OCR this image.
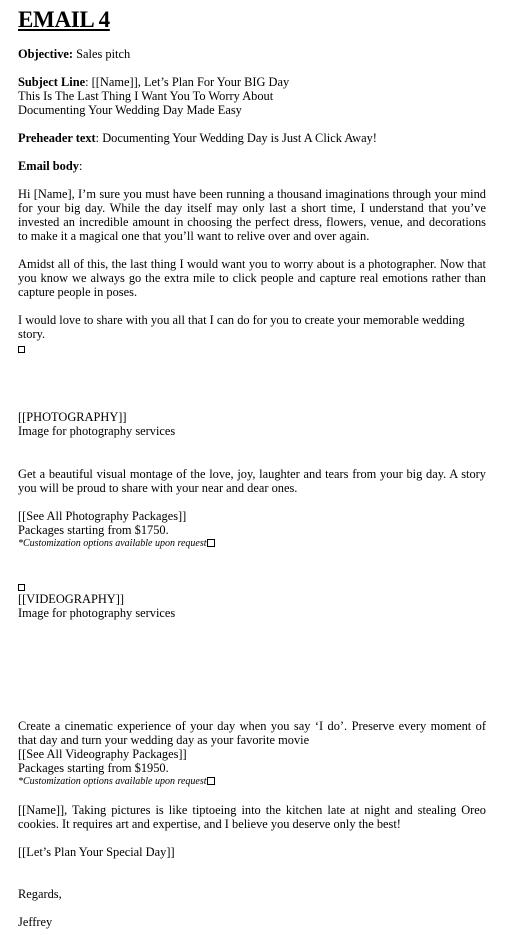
EMAIL 4
Objective: Sales pitch
Subject Line: [[Name]], Let’s Plan For Your BIG Day
This Is The Last Thing I Want You To Worry About
Documenting Your Wedding Day Made Easy
Preheader text: Documenting Your Wedding Day is Just A Click Away!
Email body:
Hi [Name], I’m sure you must have been running a thousand imaginations through your mind for your big day. While the day itself may only last a short time, I understand that you’ve invested an incredible amount in choosing the perfect dress, flowers, venue, and decorations to make it a magical one that you’ll want to relive over and over again.
Amidst all of this, the last thing I would want you to worry about is a photographer. Now that you know we always go the extra mile to click people and capture real emotions rather than capture people in poses.
I would love to share with you all that I can do for you to create your memorable wedding story.
[[PHOTOGRAPHY]]
Image for photography services
Get a beautiful visual montage of the love, joy, laughter and tears from your big day. A story you will be proud to share with your near and dear ones.
[[See All Photography Packages]]
Packages starting from $1750.
*Customization options available upon request
[[VIDEOGRAPHY]]
Image for photography services
Create a cinematic experience of your day when you say ‘I do’. Preserve every moment of that day and turn your wedding day as your favorite movie
[[See All Videography Packages]]
Packages starting from $1950.
*Customization options available upon request
[[Name]], Taking pictures is like tiptoeing into the kitchen late at night and stealing Oreo cookies. It requires art and expertise, and I believe you deserve only the best!
[[Let’s Plan Your Special Day]]
Regards,
Jeffrey
